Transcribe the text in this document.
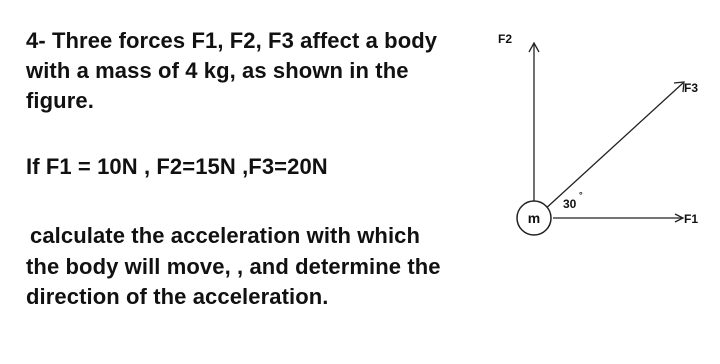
4- Three forces F1, F2, F3 affect a body
with a mass of 4 kg, as shown in the
figure.
If F1 = 10N , F2=15N ,F3=20N
calculate the acceleration with which
the body will move, , and determine the
direction of the acceleration.
F2
F3
F1
30
°
m
